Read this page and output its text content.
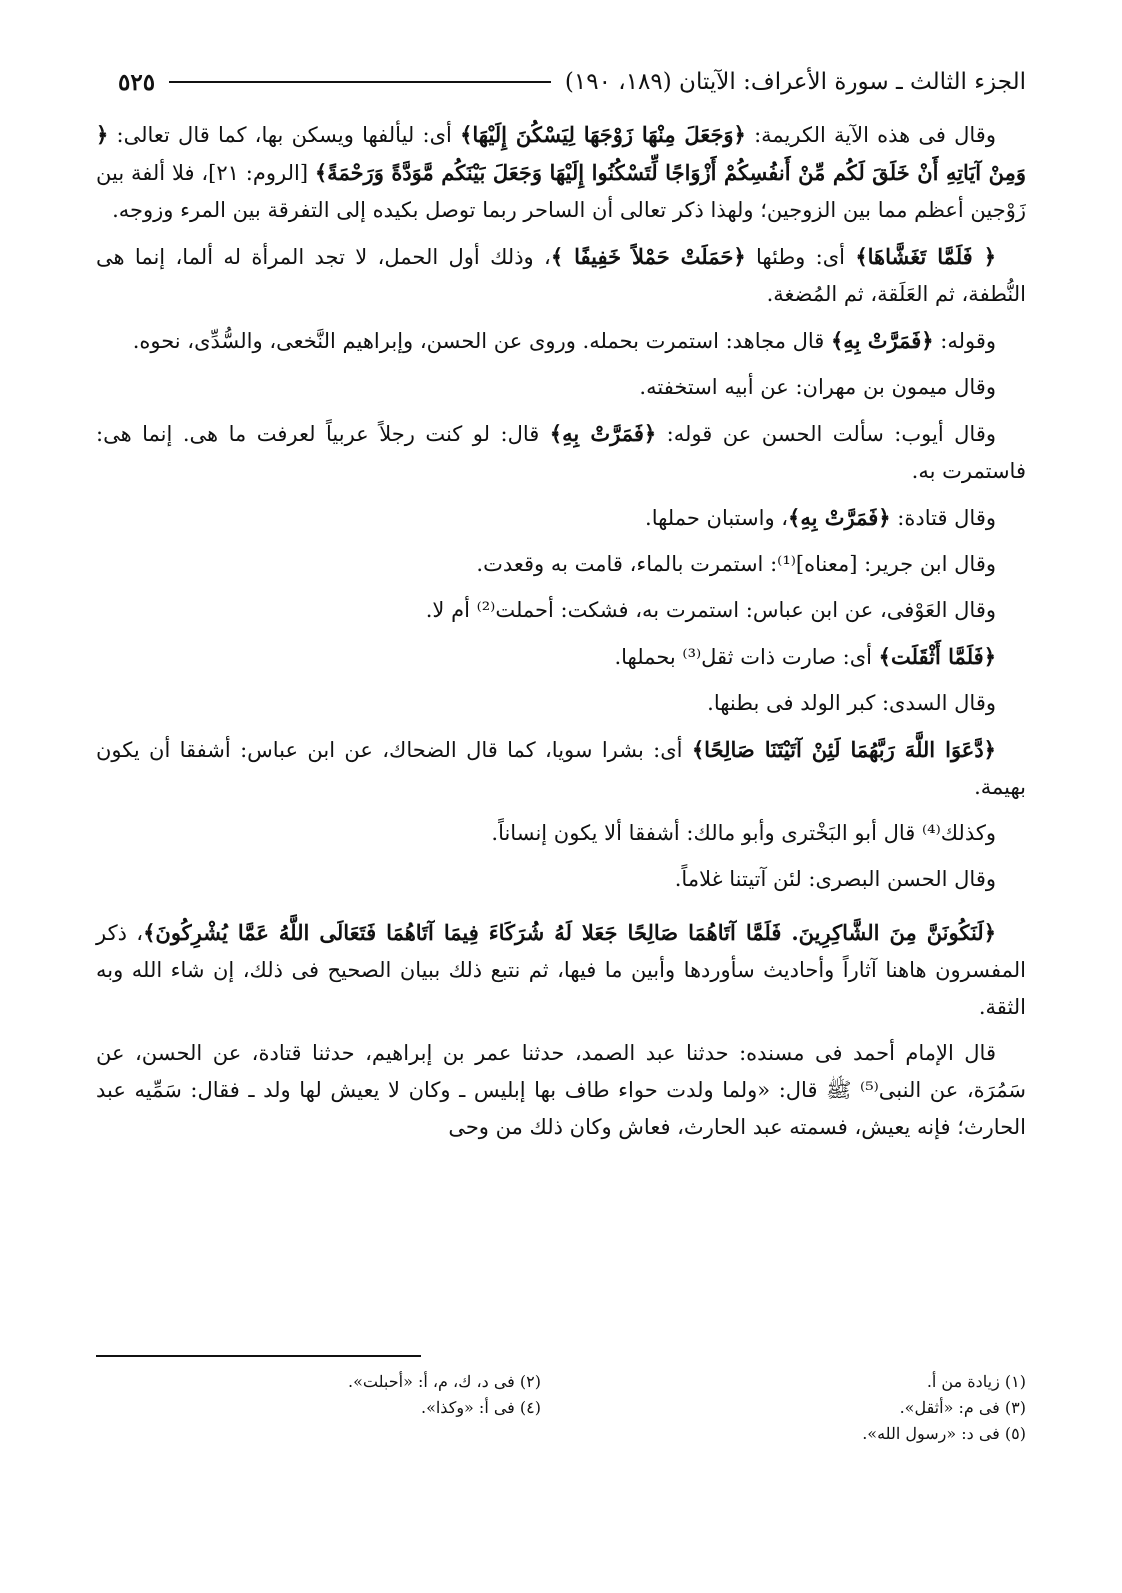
الجزء الثالث ـ سورة الأعراف: الآيتان (١٨٩، ١٩٠)
٥٢٥

وقال فى هذه الآية الكريمة: ﴿وَجَعَلَ مِنْهَا زَوْجَهَا لِيَسْكُنَ إِلَيْهَا﴾ أى: ليألفها ويسكن بها، كما قال تعالى: ﴿ وَمِنْ آيَاتِهِ أَنْ خَلَقَ لَكُم مِّنْ أَنفُسِكُمْ أَزْوَاجًا لِّتَسْكُنُوا إِلَيْهَا وَجَعَلَ بَيْنَكُم مَّوَدَّةً وَرَحْمَةً﴾ [الروم: ٢١]، فلا ألفة بين زَوْجين أعظم مما بين الزوجين؛ ولهذا ذكر تعالى أن الساحر ربما توصل بكيده إلى التفرقة بين المرء وزوجه.

﴿ فَلَمَّا تَغَشَّاهَا﴾ أى: وطئها ﴿حَمَلَتْ حَمْلاً خَفِيفًا ﴾، وذلك أول الحمل، لا تجد المرأة له ألما، إنما هى النُّطفة، ثم العَلَقة، ثم المُضغة.

وقوله: ﴿فَمَرَّتْ بِهِ﴾ قال مجاهد: استمرت بحمله. وروى عن الحسن، وإبراهيم النَّخعى، والسُّدِّى، نحوه.

وقال ميمون بن مهران: عن أبيه استخفته.

وقال أيوب: سألت الحسن عن قوله: ﴿فَمَرَّتْ بِهِ﴾ قال: لو كنت رجلاً عربياً لعرفت ما هى. إنما هى: فاستمرت به.

وقال قتادة: ﴿فَمَرَّتْ بِهِ﴾، واستبان حملها.

وقال ابن جرير: [معناه]⁽¹⁾: استمرت بالماء، قامت به وقعدت.

وقال العَوْفى، عن ابن عباس: استمرت به، فشكت: أحملت⁽²⁾ أم لا.

﴿فَلَمَّا أَثْقَلَت﴾ أى: صارت ذات ثقل⁽³⁾ بحملها.

وقال السدى: كبر الولد فى بطنها.

﴿دَّعَوَا اللَّهَ رَبَّهُمَا لَئِنْ آتَيْتَنَا صَالِحًا﴾ أى: بشرا سويا، كما قال الضحاك، عن ابن عباس: أشفقا أن يكون بهيمة.

وكذلك⁽⁴⁾ قال أبو البَخْترى وأبو مالك: أشفقا ألا يكون إنساناً.

وقال الحسن البصرى: لئن آتيتنا غلاماً.

﴿لَنَكُونَنَّ مِنَ الشَّاكِرِينَ. فَلَمَّا آتَاهُمَا صَالِحًا جَعَلا لَهُ شُرَكَاءَ فِيمَا آتَاهُمَا فَتَعَالَى اللَّهُ عَمَّا يُشْرِكُونَ﴾، ذكر المفسرون هاهنا آثاراً وأحاديث سأوردها وأبين ما فيها، ثم نتبع ذلك ببيان الصحيح فى ذلك، إن شاء الله وبه الثقة.

قال الإمام أحمد فى مسنده: حدثنا عبد الصمد، حدثنا عمر بن إبراهيم، حدثنا قتادة، عن الحسن، عن سَمُرَة، عن النبى⁽⁵⁾ ﷺ قال: «ولما ولدت حواء طاف بها إبليس ـ وكان لا يعيش لها ولد ـ فقال: سَمِّيه عبد الحارث؛ فإنه يعيش، فسمته عبد الحارث، فعاش وكان ذلك من وحى

(١) زيادة من أ.
(٢) فى د، ك، م، أ: «أحبلت».
(٣) فى م: «أثقل».
(٤) فى أ: «وكذا».
(٥) فى د: «رسول الله».
